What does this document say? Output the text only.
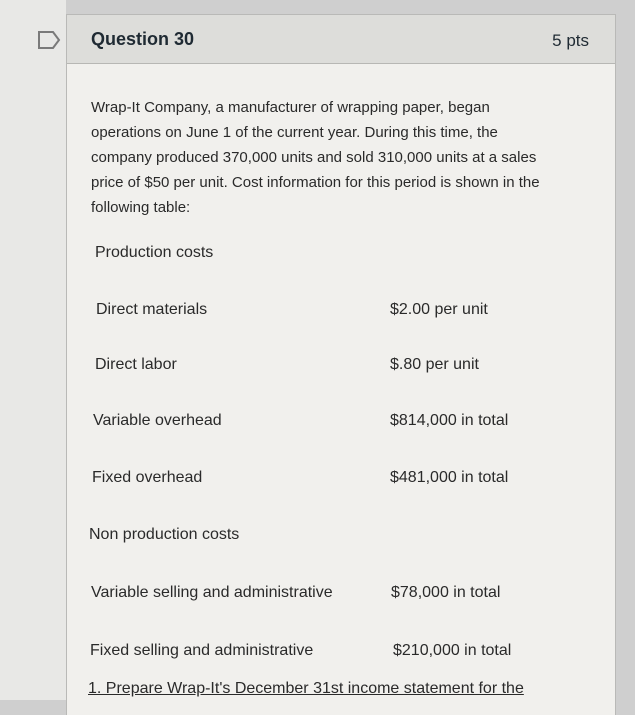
Question 30	5 pts
Wrap-It Company, a manufacturer of wrapping paper, began operations on June 1 of the current year. During this time, the company produced 370,000 units and sold 310,000 units at a sales price of $50 per unit. Cost information for this period is shown in the following table:
Production costs
Direct materials	$2.00 per unit
Direct labor	$.80 per unit
Variable overhead	$814,000 in total
Fixed overhead	$481,000 in total
Non production costs
Variable selling and administrative	$78,000 in total
Fixed selling and administrative	$210,000 in total
1. Prepare Wrap-It's December 31st income statement for the
